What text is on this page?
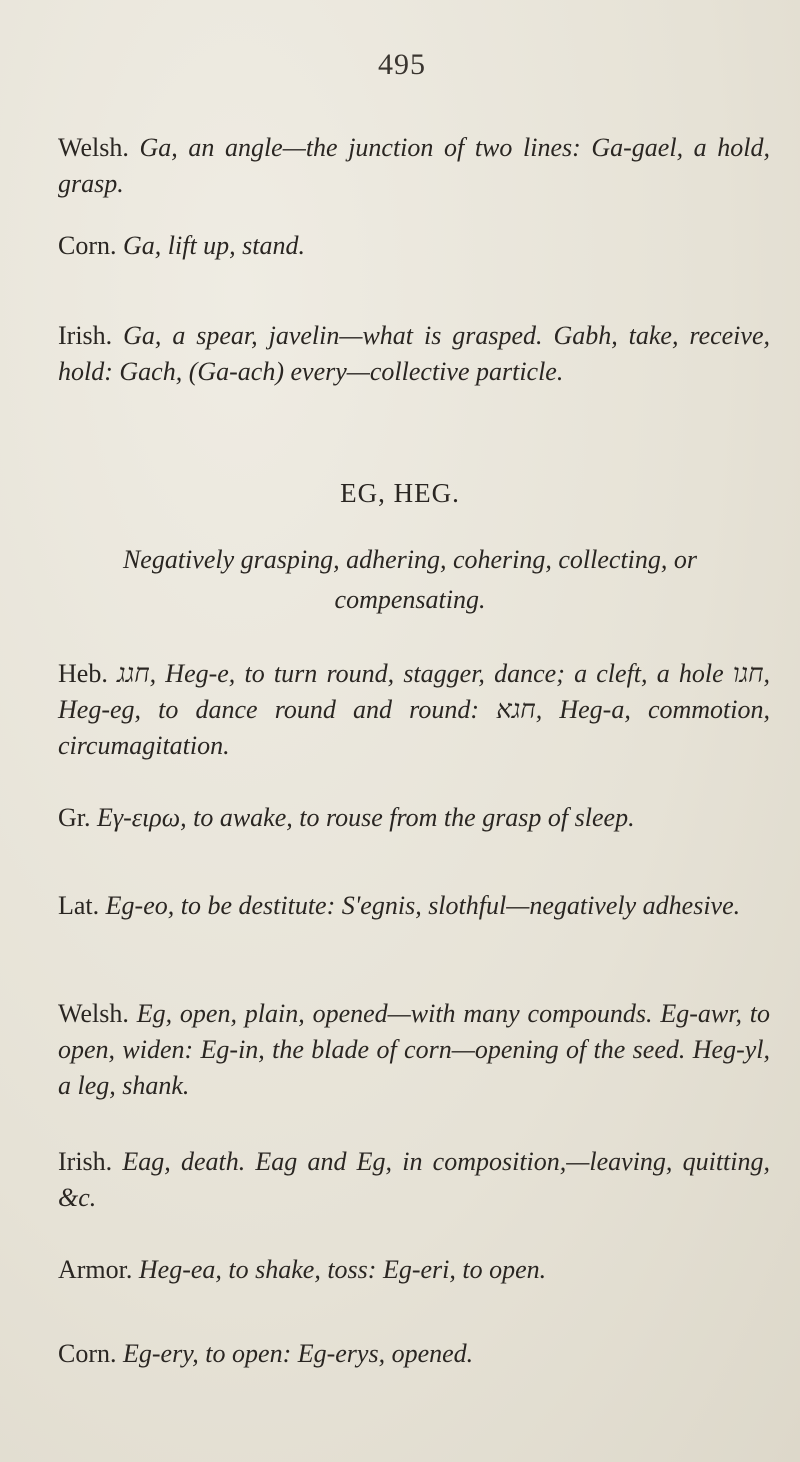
495

Welsh. Ga, an angle—the junction of two lines: Ga-gael, a hold, grasp.

Corn. Ga, lift up, stand.

Irish. Ga, a spear, javelin—what is grasped. Gabh, take, receive, hold: Gach, (Ga-ach) every—collective particle.

EG, HEG.
Negatively grasping, adhering, cohering, collecting, or compensating.

Heb. חגג, Heg-e, to turn round, stagger, dance; a cleft, a hole חגו, Heg-eg, to dance round and round: חגא, Heg-a, commotion, circumagitation.

Gr. Εγ-ειρω, to awake, to rouse from the grasp of sleep.

Lat. Eg-eo, to be destitute: S'egnis, slothful—negatively adhesive.

Welsh. Eg, open, plain, opened—with many compounds. Eg-awr, to open, widen: Eg-in, the blade of corn—opening of the seed. Heg-yl, a leg, shank.

Irish. Eag, death. Eag and Eg, in composition,—leaving, quitting, &c.

Armor. Heg-ea, to shake, toss: Eg-eri, to open.

Corn. Eg-ery, to open: Eg-erys, opened.
